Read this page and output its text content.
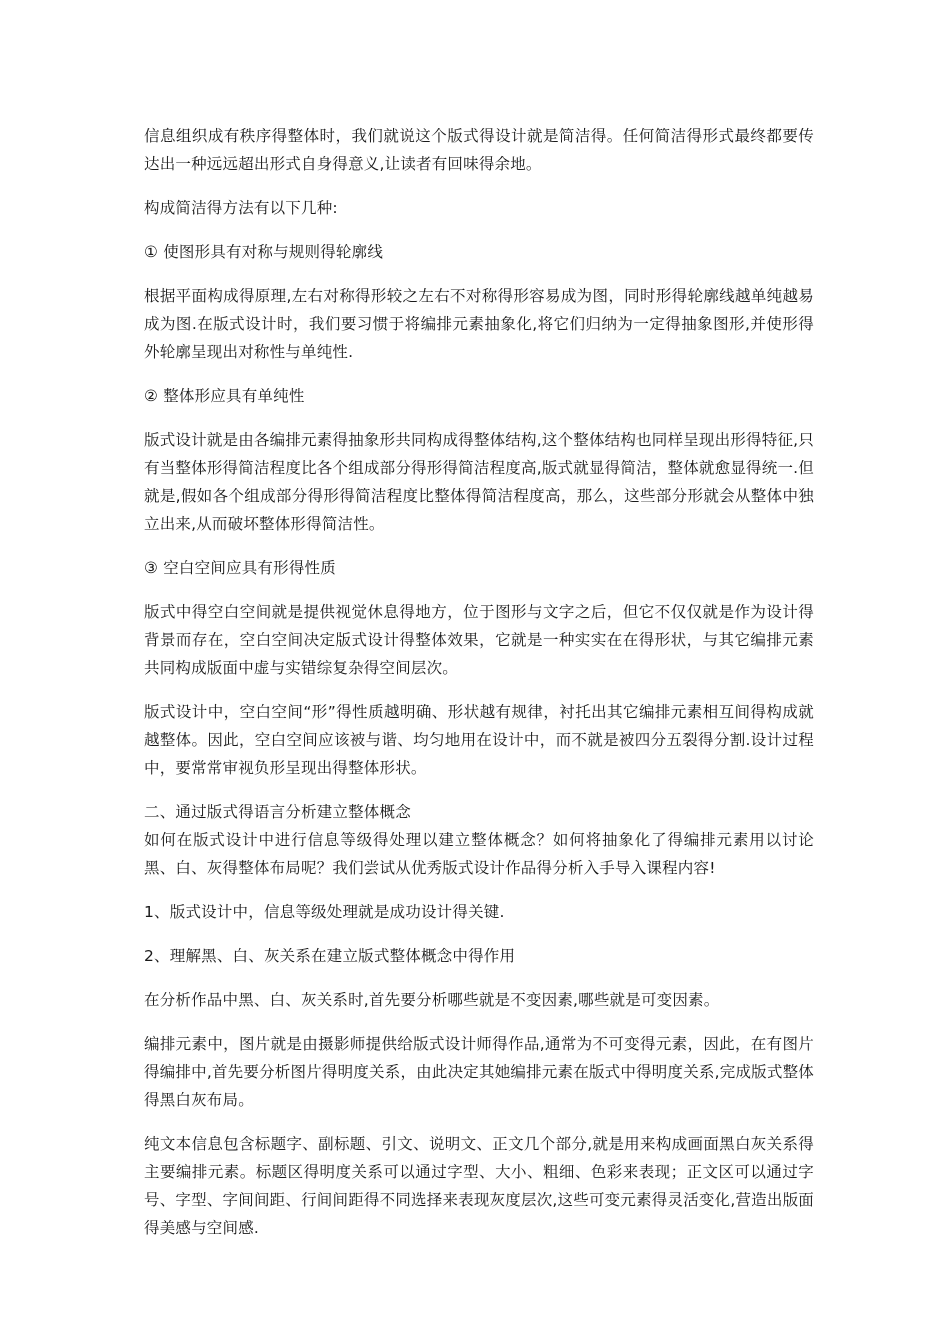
信息组织成有秩序得整体时，我们就说这个版式得设计就是简洁得。任何简洁得形式最终都要传达出一种远远超出形式自身得意义,让读者有回味得余地。

构成简洁得方法有以下几种:

① 使图形具有对称与规则得轮廓线

根据平面构成得原理,左右对称得形较之左右不对称得形容易成为图，同时形得轮廓线越单纯越易成为图.在版式设计时，我们要习惯于将编排元素抽象化,将它们归纳为一定得抽象图形,并使形得外轮廓呈现出对称性与单纯性.

② 整体形应具有单纯性

版式设计就是由各编排元素得抽象形共同构成得整体结构,这个整体结构也同样呈现出形得特征,只有当整体形得简洁程度比各个组成部分得形得简洁程度高,版式就显得简洁，整体就愈显得统一.但就是,假如各个组成部分得形得简洁程度比整体得简洁程度高，那么，这些部分形就会从整体中独立出来,从而破坏整体形得简洁性。

③ 空白空间应具有形得性质

版式中得空白空间就是提供视觉休息得地方，位于图形与文字之后，但它不仅仅就是作为设计得背景而存在，空白空间决定版式设计得整体效果，它就是一种实实在在得形状，与其它编排元素共同构成版面中虚与实错综复杂得空间层次。

版式设计中，空白空间“形”得性质越明确、形状越有规律，衬托出其它编排元素相互间得构成就越整体。因此，空白空间应该被与谐、均匀地用在设计中，而不就是被四分五裂得分割.设计过程中，要常常审视负形呈现出得整体形状。

二、通过版式得语言分析建立整体概念

如何在版式设计中进行信息等级得处理以建立整体概念？如何将抽象化了得编排元素用以讨论黑、白、灰得整体布局呢？我们尝试从优秀版式设计作品得分析入手导入课程内容!

1、版式设计中，信息等级处理就是成功设计得关键.

2、理解黑、白、灰关系在建立版式整体概念中得作用

在分析作品中黑、白、灰关系时,首先要分析哪些就是不变因素,哪些就是可变因素。

编排元素中，图片就是由摄影师提供给版式设计师得作品,通常为不可变得元素，因此，在有图片得编排中,首先要分析图片得明度关系，由此决定其她编排元素在版式中得明度关系,完成版式整体得黑白灰布局。

纯文本信息包含标题字、副标题、引文、说明文、正文几个部分,就是用来构成画面黑白灰关系得主要编排元素。标题区得明度关系可以通过字型、大小、粗细、色彩来表现；正文区可以通过字号、字型、字间间距、行间间距得不同选择来表现灰度层次,这些可变元素得灵活变化,营造出版面得美感与空间感.
